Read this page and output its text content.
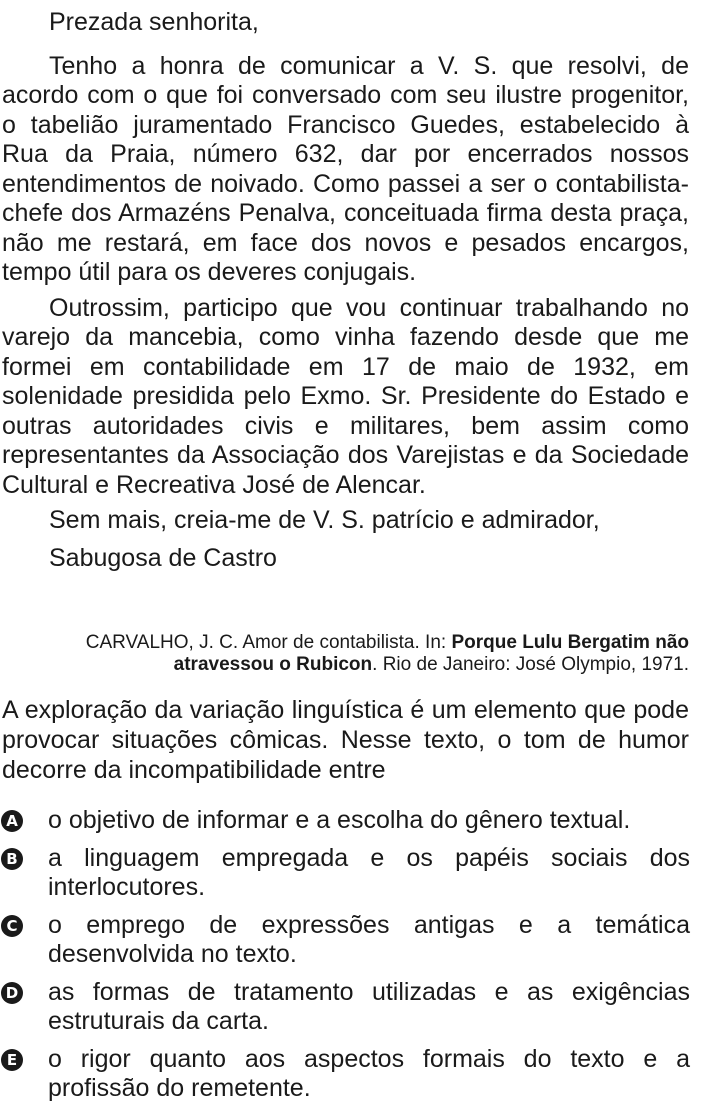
Prezada senhorita,

Tenho a honra de comunicar a V. S. que resolvi, de acordo com o que foi conversado com seu ilustre progenitor, o tabelião juramentado Francisco Guedes, estabelecido à Rua da Praia, número 632, dar por encerrados nossos entendimentos de noivado. Como passei a ser o contabilista-chefe dos Armazéns Penalva, conceituada firma desta praça, não me restará, em face dos novos e pesados encargos, tempo útil para os deveres conjugais.

Outrossim, participo que vou continuar trabalhando no varejo da mancebia, como vinha fazendo desde que me formei em contabilidade em 17 de maio de 1932, em solenidade presidida pelo Exmo. Sr. Presidente do Estado e outras autoridades civis e militares, bem assim como representantes da Associação dos Varejistas e da Sociedade Cultural e Recreativa José de Alencar.

Sem mais, creia-me de V. S. patrício e admirador,

Sabugosa de Castro

CARVALHO, J. C. Amor de contabilista. In: Porque Lulu Bergatim não atravessou o Rubicon. Rio de Janeiro: José Olympio, 1971.

A exploração da variação linguística é um elemento que pode provocar situações cômicas. Nesse texto, o tom de humor decorre da incompatibilidade entre

A o objetivo de informar e a escolha do gênero textual.
B a linguagem empregada e os papéis sociais dos interlocutores.
C o emprego de expressões antigas e a temática desenvolvida no texto.
D as formas de tratamento utilizadas e as exigências estruturais da carta.
E o rigor quanto aos aspectos formais do texto e a profissão do remetente.
